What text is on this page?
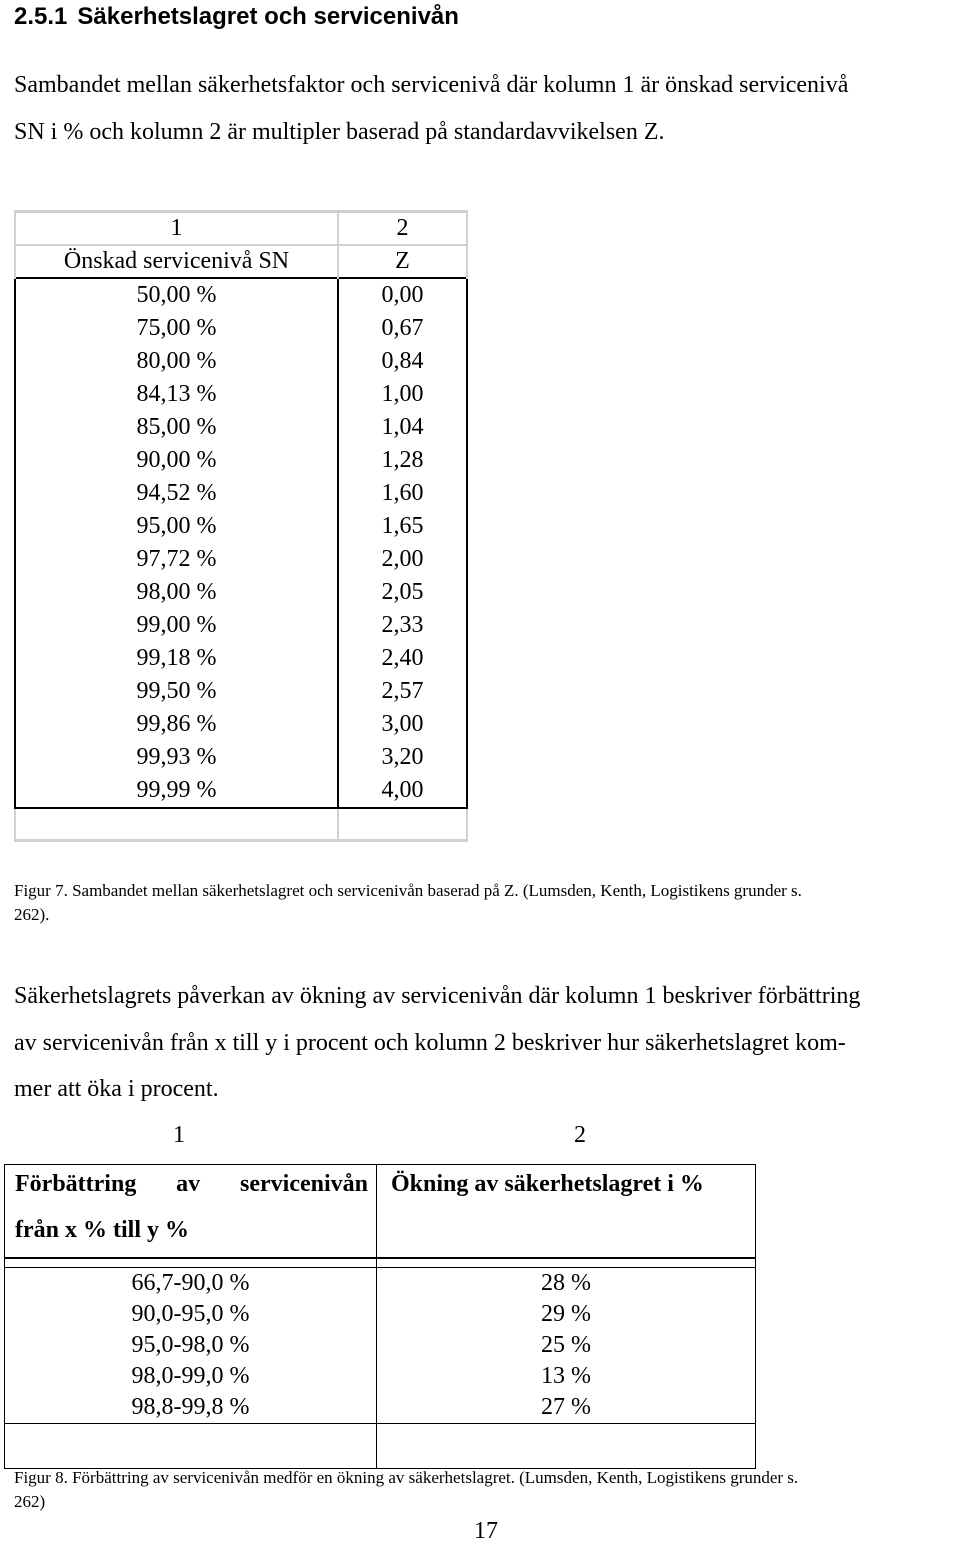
2.5.1 Säkerhetslagret och servicenivån
Sambandet mellan säkerhetsfaktor och servicenivå där kolumn 1 är önskad servicenivå
SN i % och kolumn 2 är multipler baserad på standardavvikelsen Z.
1	2
Önskad servicenivå SN	Z
50,00 %	0,00
75,00 %	0,67
80,00 %	0,84
84,13 %	1,00
85,00 %	1,04
90,00 %	1,28
94,52 %	1,60
95,00 %	1,65
97,72 %	2,00
98,00 %	2,05
99,00 %	2,33
99,18 %	2,40
99,50 %	2,57
99,86 %	3,00
99,93 %	3,20
99,99 %	4,00

Figur 7. Sambandet mellan säkerhetslagret och servicenivån baserad på Z. (Lumsden, Kenth, Logistikens grunder s.
262).
Säkerhetslagrets påverkan av ökning av servicenivån där kolumn 1 beskriver förbättring
av servicenivån från x till y i procent och kolumn 2 beskriver hur säkerhetslagret kom-
mer att öka i procent.
1	2
Förbättring av servicenivån
från x % till y %	Ökning av säkerhetslagret i %

66,7-90,0 %	28 %
90,0-95,0 %	29 %
95,0-98,0 %	25 %
98,0-99,0 %	13 %
98,8-99,8 %	27 %

Figur 8. Förbättring av servicenivån medför en ökning av säkerhetslagret. (Lumsden, Kenth, Logistikens grunder s.
262)
17
